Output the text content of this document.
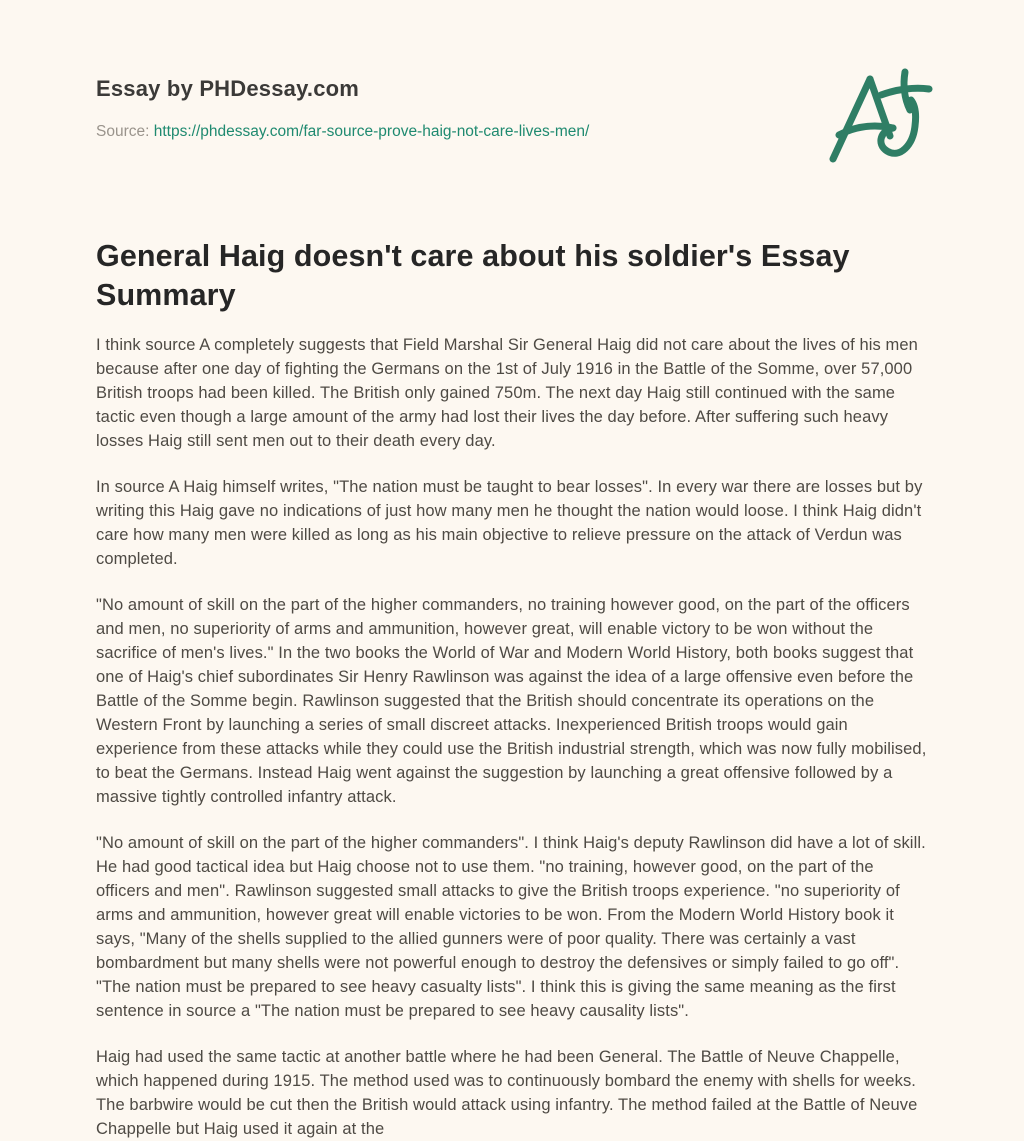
Essay by PHDessay.com
Source: https://phdessay.com/far-source-prove-haig-not-care-lives-men/
General Haig doesn't care about his soldier's Essay Summary

I think source A completely suggests that Field Marshal Sir General Haig did not care about the lives of his men because after one day of fighting the Germans on the 1st of July 1916 in the Battle of the Somme, over 57,000 British troops had been killed. The British only gained 750m. The next day Haig still continued with the same tactic even though a large amount of the army had lost their lives the day before. After suffering such heavy losses Haig still sent men out to their death every day.

In source A Haig himself writes, "The nation must be taught to bear losses". In every war there are losses but by writing this Haig gave no indications of just how many men he thought the nation would loose. I think Haig didn't care how many men were killed as long as his main objective to relieve pressure on the attack of Verdun was completed.

"No amount of skill on the part of the higher commanders, no training however good, on the part of the officers and men, no superiority of arms and ammunition, however great, will enable victory to be won without the sacrifice of men's lives." In the two books the World of War and Modern World History, both books suggest that one of Haig's chief subordinates Sir Henry Rawlinson was against the idea of a large offensive even before the Battle of the Somme begin. Rawlinson suggested that the British should concentrate its operations on the Western Front by launching a series of small discreet attacks. Inexperienced British troops would gain experience from these attacks while they could use the British industrial strength, which was now fully mobilised, to beat the Germans. Instead Haig went against the suggestion by launching a great offensive followed by a massive tightly controlled infantry attack.

"No amount of skill on the part of the higher commanders". I think Haig's deputy Rawlinson did have a lot of skill. He had good tactical idea but Haig choose not to use them. "no training, however good, on the part of the officers and men". Rawlinson suggested small attacks to give the British troops experience. "no superiority of arms and ammunition, however great will enable victories to be won. From the Modern World History book it says, "Many of the shells supplied to the allied gunners were of poor quality. There was certainly a vast bombardment but many shells were not powerful enough to destroy the defensives or simply failed to go off". "The nation must be prepared to see heavy casualty lists". I think this is giving the same meaning as the first sentence in source a "The nation must be prepared to see heavy causality lists".

Haig had used the same tactic at another battle where he had been General. The Battle of Neuve Chappelle, which happened during 1915. The method used was to continuously bombard the enemy with shells for weeks. The barbwire would be cut then the British would attack using infantry. The method failed at the Battle of Neuve Chappelle but Haig used it again at the
